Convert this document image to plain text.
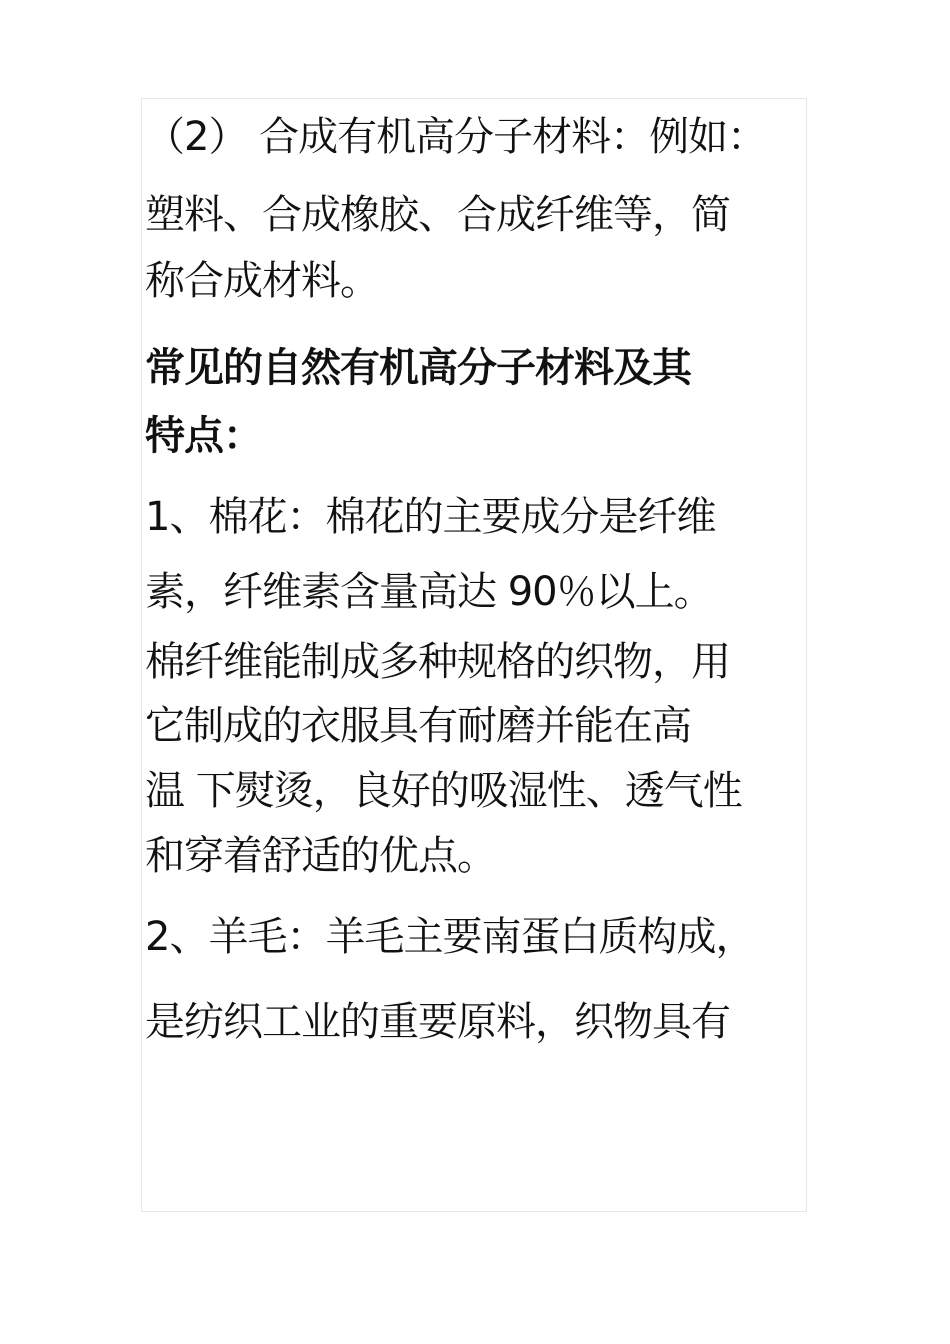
（2） 合成有机高分子材料：例如：

塑料、合成橡胶、合成纤维等，简

称合成材料。

常见的自然有机高分子材料及其

特点：

1、棉花：棉花的主要成分是纤维

素，纤维素含量高达 90％以上。

棉纤维能制成多种规格的织物，用

它制成的衣服具有耐磨并能在高

温 下熨烫，良好的吸湿性、透气性

和穿着舒适的优点。

2、羊毛：羊毛主要南蛋白质构成，

是纺织工业的重要原料，织物具有
